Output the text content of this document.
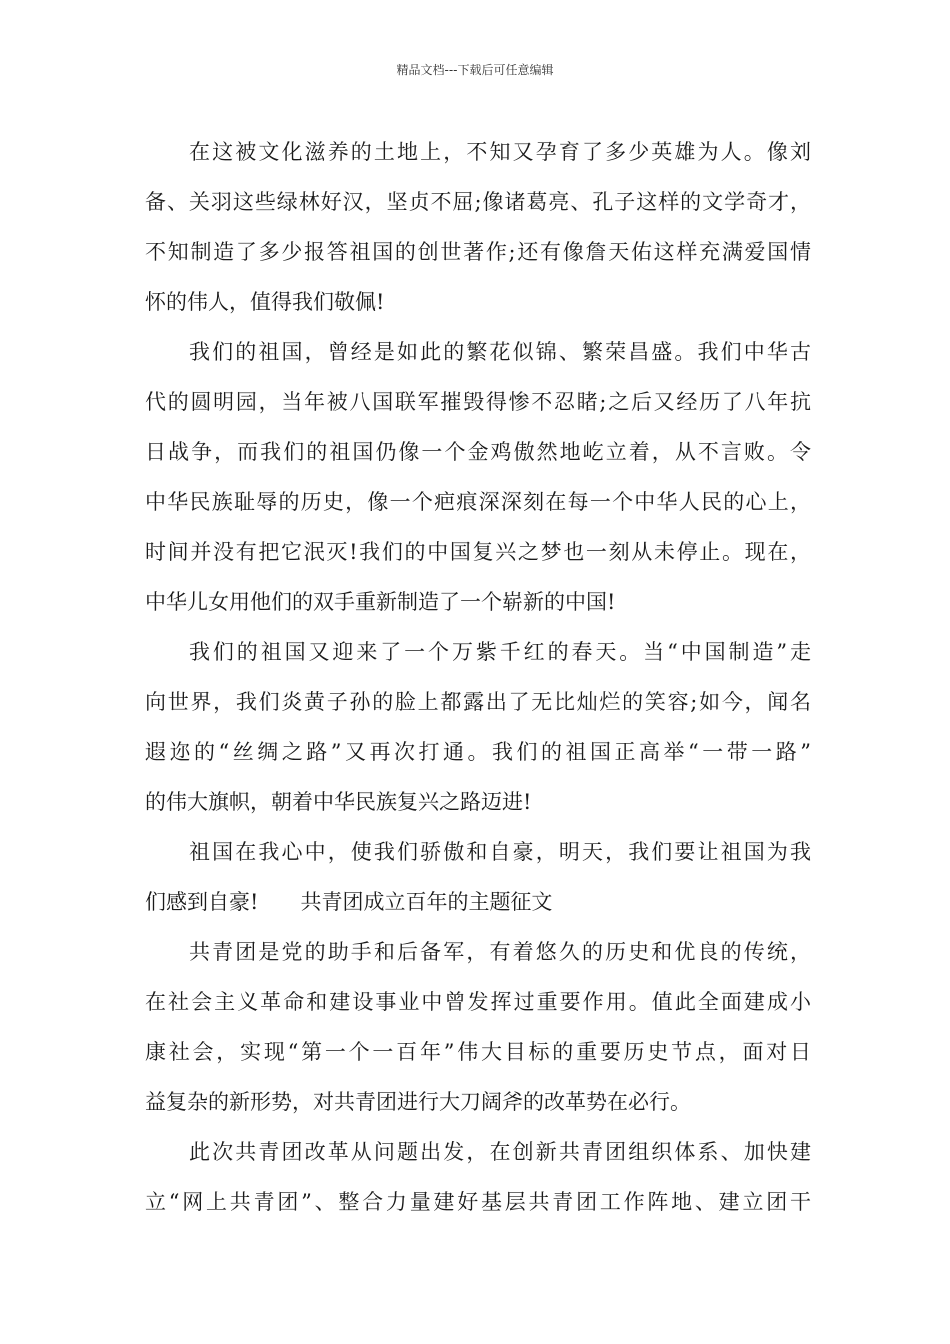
精品文档---下载后可任意编辑
在这被文化滋养的土地上，不知又孕育了多少英雄为人。像刘
备、关羽这些绿林好汉，坚贞不屈;像诸葛亮、孔子这样的文学奇才，
不知制造了多少报答祖国的创世著作;还有像詹天佑这样充满爱国情
怀的伟人，值得我们敬佩!
我们的祖国，曾经是如此的繁花似锦、繁荣昌盛。我们中华古
代的圆明园，当年被八国联军摧毁得惨不忍睹;之后又经历了八年抗
日战争，而我们的祖国仍像一个金鸡傲然地屹立着，从不言败。令
中华民族耻辱的历史，像一个疤痕深深刻在每一个中华人民的心上，
时间并没有把它泯灭!我们的中国复兴之梦也一刻从未停止。现在，
中华儿女用他们的双手重新制造了一个崭新的中国!
我们的祖国又迎来了一个万紫千红的春天。当“中国制造”走
向世界，我们炎黄子孙的脸上都露出了无比灿烂的笑容;如今，闻名
遐迩的“丝绸之路”又再次打通。我们的祖国正高举“一带一路”
的伟大旗帜，朝着中华民族复兴之路迈进!
祖国在我心中，使我们骄傲和自豪，明天，我们要让祖国为我
们感到自豪!　　共青团成立百年的主题征文
共青团是党的助手和后备军，有着悠久的历史和优良的传统，
在社会主义革命和建设事业中曾发挥过重要作用。值此全面建成小
康社会，实现“第一个一百年”伟大目标的重要历史节点，面对日
益复杂的新形势，对共青团进行大刀阔斧的改革势在必行。
此次共青团改革从问题出发，在创新共青团组织体系、加快建
立“网上共青团”、整合力量建好基层共青团工作阵地、建立团干
